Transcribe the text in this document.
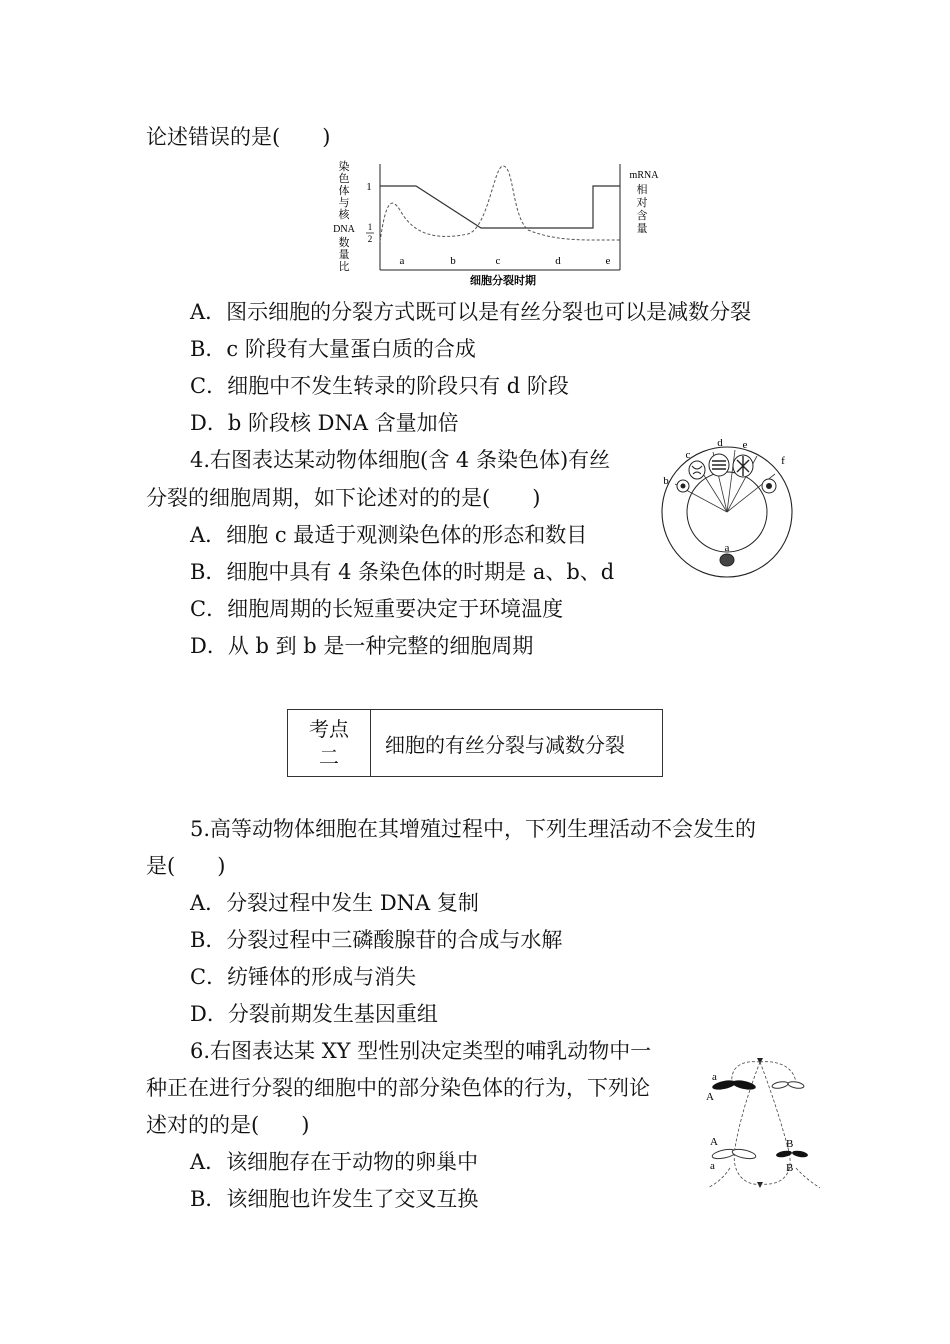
论述错误的是(　　)
染
色
体
与
核
DNA
数
量
比
1
1
2
a	b	c	d	e
细胞分裂时期
mRNA
相
对
含
量
A．图示细胞的分裂方式既可以是有丝分裂也可以是减数分裂
B．c 阶段有大量蛋白质的合成
C．细胞中不发生转录的阶段只有 d 阶段
D．b 阶段核 DNA 含量加倍
4.右图表达某动物体细胞(含 4 条染色体)有丝
分裂的细胞周期，如下论述对的的是(　　)
a
b
c
d e
f
A．细胞 c 最适于观测染色体的形态和数目
B．细胞中具有 4 条染色体的时期是 a、b、d
C．细胞周期的长短重要决定于环境温度
D．从 b 到 b 是一种完整的细胞周期
考点
二
细胞的有丝分裂与减数分裂
5.高等动物体细胞在其增殖过程中，下列生理活动不会发生的
是(　　)
A．分裂过程中发生 DNA 复制
B．分裂过程中三磷酸腺苷的合成与水解
C．纺锤体的形成与消失
D．分裂前期发生基因重组
6.右图表达某 XY 型性别决定类型的哺乳动物中一
种正在进行分裂的细胞中的部分染色体的行为，下列论
述对的的是(　　)
A．该细胞存在于动物的卵巢中
B．该细胞也许发生了交叉互换
a
A
A
a
B
B
